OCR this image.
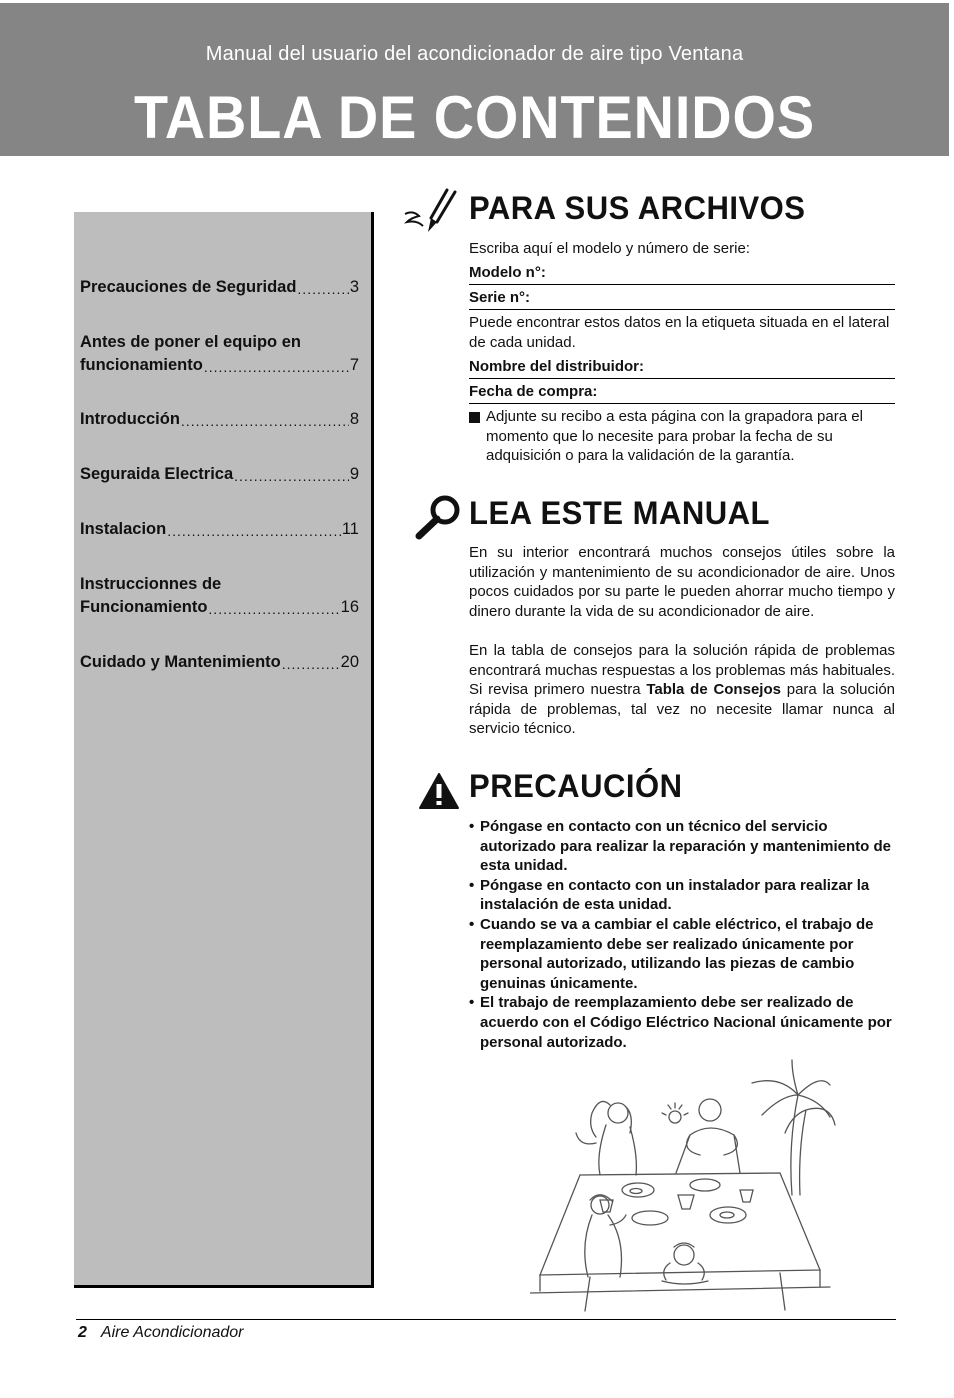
Manual del usuario del acondicionador de aire tipo Ventana
TABLA DE CONTENIDOS
Precauciones de Seguridad .....	3
Antes de poner el equipo en
funcionamiento .....	7
Introducción .....	8
Seguraida Electrica .....	9
Instalacion .....	11
Instruccionnes de
Funcionamiento .....	16
Cuidado y Mantenimiento .....	20
PARA SUS ARCHIVOS
Escriba aquí el modelo y número de serie:
Modelo n°:
Serie n°:
Puede encontrar estos datos en la etiqueta situada en el lateral de cada unidad.
Nombre del distribuidor:
Fecha de compra:
Adjunte su recibo a esta página con la grapadora para el momento que lo necesite para probar la fecha de su adquisición o para la validación de la garantía.
LEA ESTE MANUAL
En su interior encontrará muchos consejos útiles sobre la utilización y mantenimiento de su acondicionador de aire. Unos pocos cuidados por su parte le pueden ahorrar mucho tiempo y dinero durante la vida de su acondicionador de aire.
En la tabla de consejos para la solución rápida de problemas encontrará muchas respuestas a los problemas más habituales. Si revisa primero nuestra Tabla de Consejos para la solución rápida de problemas, tal vez no necesite llamar nunca al servicio técnico.
PRECAUCIÓN
• Póngase en contacto con un técnico del servicio autorizado para realizar la reparación y mantenimiento de esta unidad.
• Póngase en contacto con un instalador para realizar la instalación de esta unidad.
• Cuando se va a cambiar el cable eléctrico, el trabajo de reemplazamiento debe ser realizado únicamente por personal autorizado, utilizando las piezas de cambio genuinas únicamente.
• El trabajo de reemplazamiento debe ser realizado de acuerdo con el Código Eléctrico Nacional únicamente por personal autorizado.
2 Aire Acondicionador
